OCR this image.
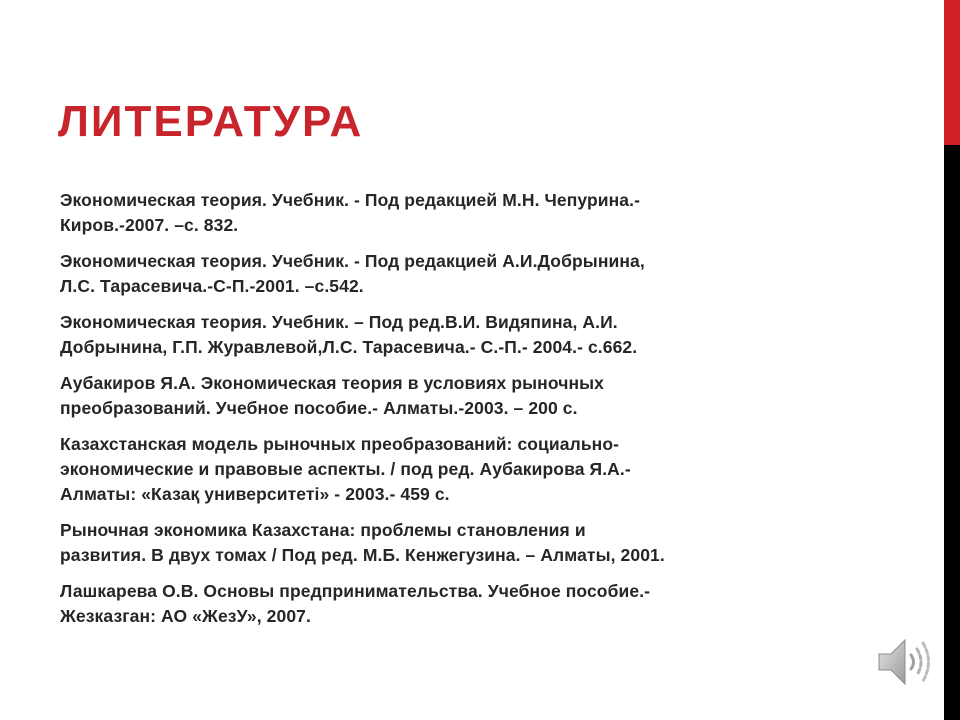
ЛИТЕРАТУРА
Экономическая теория. Учебник. - Под редакцией М.Н. Чепурина.-
Киров.-2007. –с. 832.
Экономическая теория. Учебник. - Под редакцией А.И.Добрынина,
Л.С. Тарасевича.-С-П.-2001. –с.542.
Экономическая теория. Учебник. – Под ред.В.И. Видяпина, А.И.
Добрынина, Г.П. Журавлевой,Л.С. Тарасевича.- С.-П.- 2004.- с.662.
Аубакиров Я.А. Экономическая теория в условиях рыночных
преобразований. Учебное пособие.- Алматы.-2003. – 200 с.
Казахстанская модель рыночных преобразований: социально-
экономические и правовые аспекты. / под ред. Аубакирова Я.А.-
Алматы: «Казақ университеті» - 2003.- 459 с.
Рыночная экономика Казахстана: проблемы становления и
развития. В двух томах / Под ред. М.Б. Кенжегузина. – Алматы, 2001.
Лашкарева О.В. Основы предпринимательства. Учебное пособие.-
Жезказган: АО «ЖезУ», 2007.
